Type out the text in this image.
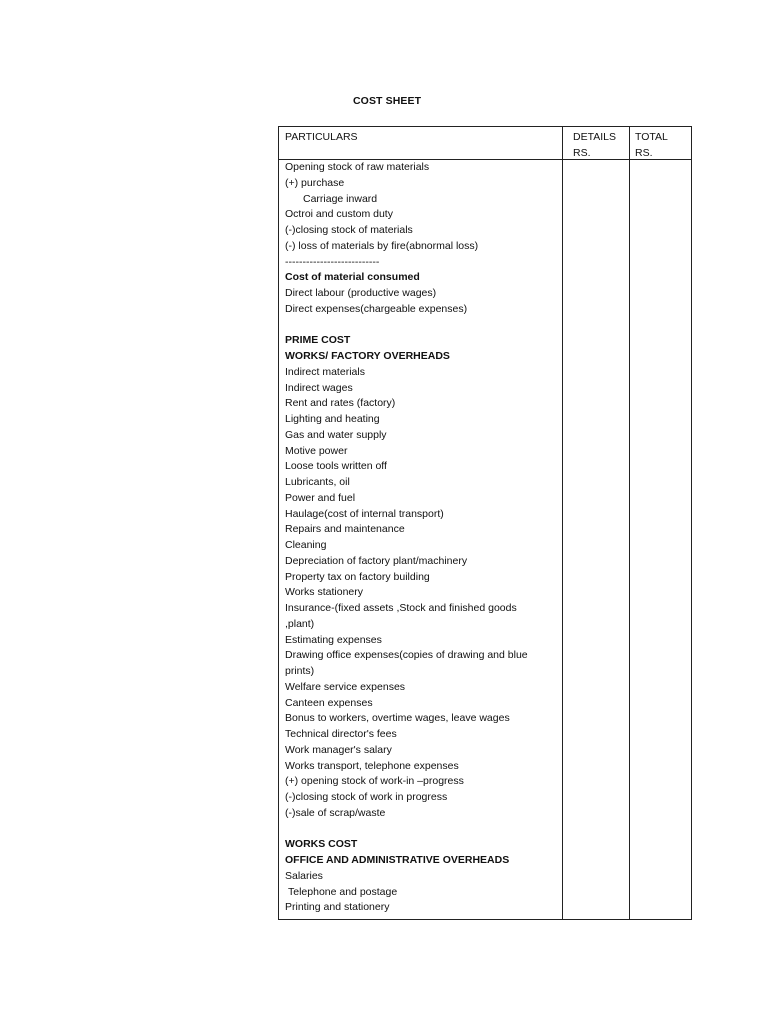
COST SHEET
PARTICULARS	DETAILS
RS.
TOTAL
RS.
Opening stock of raw materials
(+) purchase
Carriage inward
Octroi and custom duty
(-)closing stock of materials
(-) loss of materials by fire(abnormal loss)
---------------------------
Cost of material consumed
Direct labour (productive wages)
Direct expenses(chargeable expenses)

PRIME COST
WORKS/ FACTORY OVERHEADS
Indirect materials
Indirect wages
Rent and rates (factory)
Lighting and heating
Gas and water supply
Motive power
Loose tools written off
Lubricants, oil
Power and fuel
Haulage(cost of internal transport)
Repairs and maintenance
Cleaning
Depreciation of factory plant/machinery
Property tax on factory building
Works stationery
Insurance-(fixed assets ,Stock and finished goods
,plant)
Estimating expenses
Drawing office expenses(copies of drawing and blue
prints)
Welfare service expenses
Canteen expenses
Bonus to workers, overtime wages, leave wages
Technical director's fees
Work manager's salary
Works transport, telephone expenses
(+) opening stock of work-in –progress
(-)closing stock of work in progress
(-)sale of scrap/waste

WORKS COST
OFFICE AND ADMINISTRATIVE OVERHEADS
Salaries
Telephone and postage
Printing and stationery
